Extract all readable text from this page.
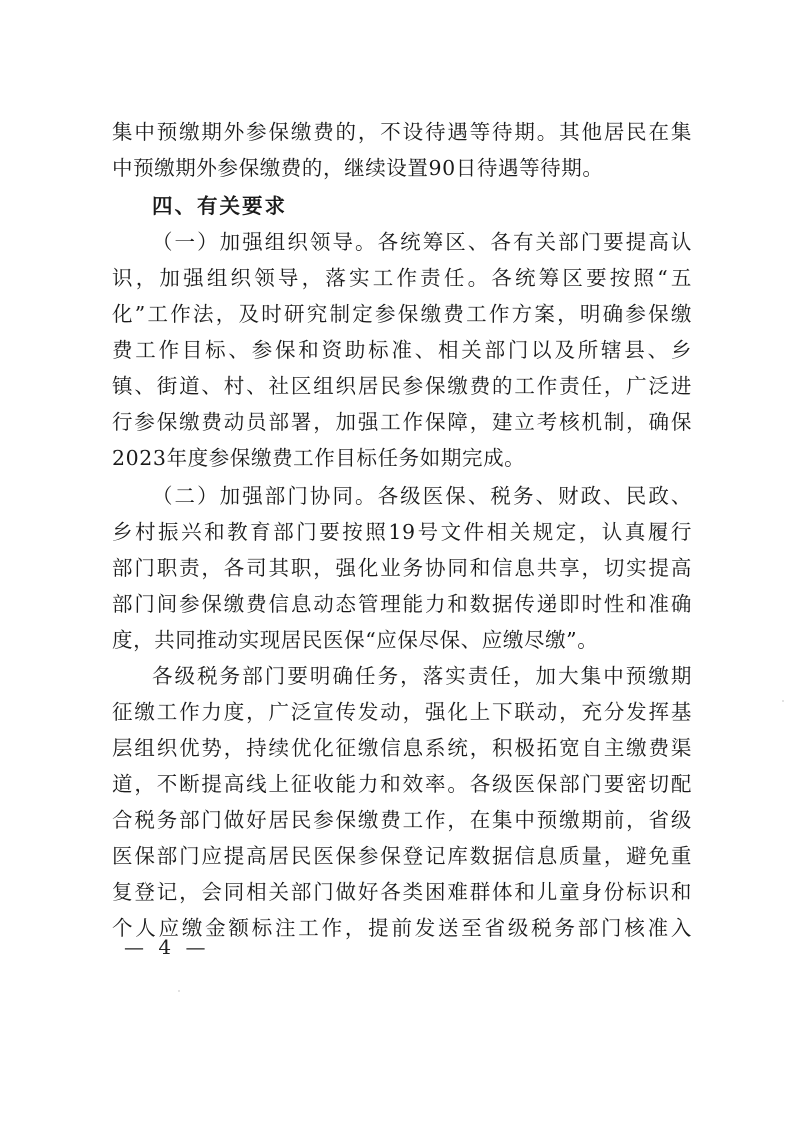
集中预缴期外参保缴费的，不设待遇等待期。其他居民在集
中预缴期外参保缴费的，继续设置90日待遇等待期。
四、有关要求
（一）加强组织领导。各统筹区、各有关部门要提高认
识，加强组织领导，落实工作责任。各统筹区要按照“五
化”工作法，及时研究制定参保缴费工作方案，明确参保缴
费工作目标、参保和资助标准、相关部门以及所辖县、乡
镇、街道、村、社区组织居民参保缴费的工作责任，广泛进
行参保缴费动员部署，加强工作保障，建立考核机制，确保
2023年度参保缴费工作目标任务如期完成。
（二）加强部门协同。各级医保、税务、财政、民政、
乡村振兴和教育部门要按照19号文件相关规定，认真履行
部门职责，各司其职，强化业务协同和信息共享，切实提高
部门间参保缴费信息动态管理能力和数据传递即时性和准确
度，共同推动实现居民医保“应保尽保、应缴尽缴”。
各级税务部门要明确任务，落实责任，加大集中预缴期
征缴工作力度，广泛宣传发动，强化上下联动，充分发挥基
层组织优势，持续优化征缴信息系统，积极拓宽自主缴费渠
道，不断提高线上征收能力和效率。各级医保部门要密切配
合税务部门做好居民参保缴费工作，在集中预缴期前，省级
医保部门应提高居民医保参保登记库数据信息质量，避免重
复登记，会同相关部门做好各类困难群体和儿童身份标识和
个人应缴金额标注工作，提前发送至省级税务部门核准入
— 4 —
